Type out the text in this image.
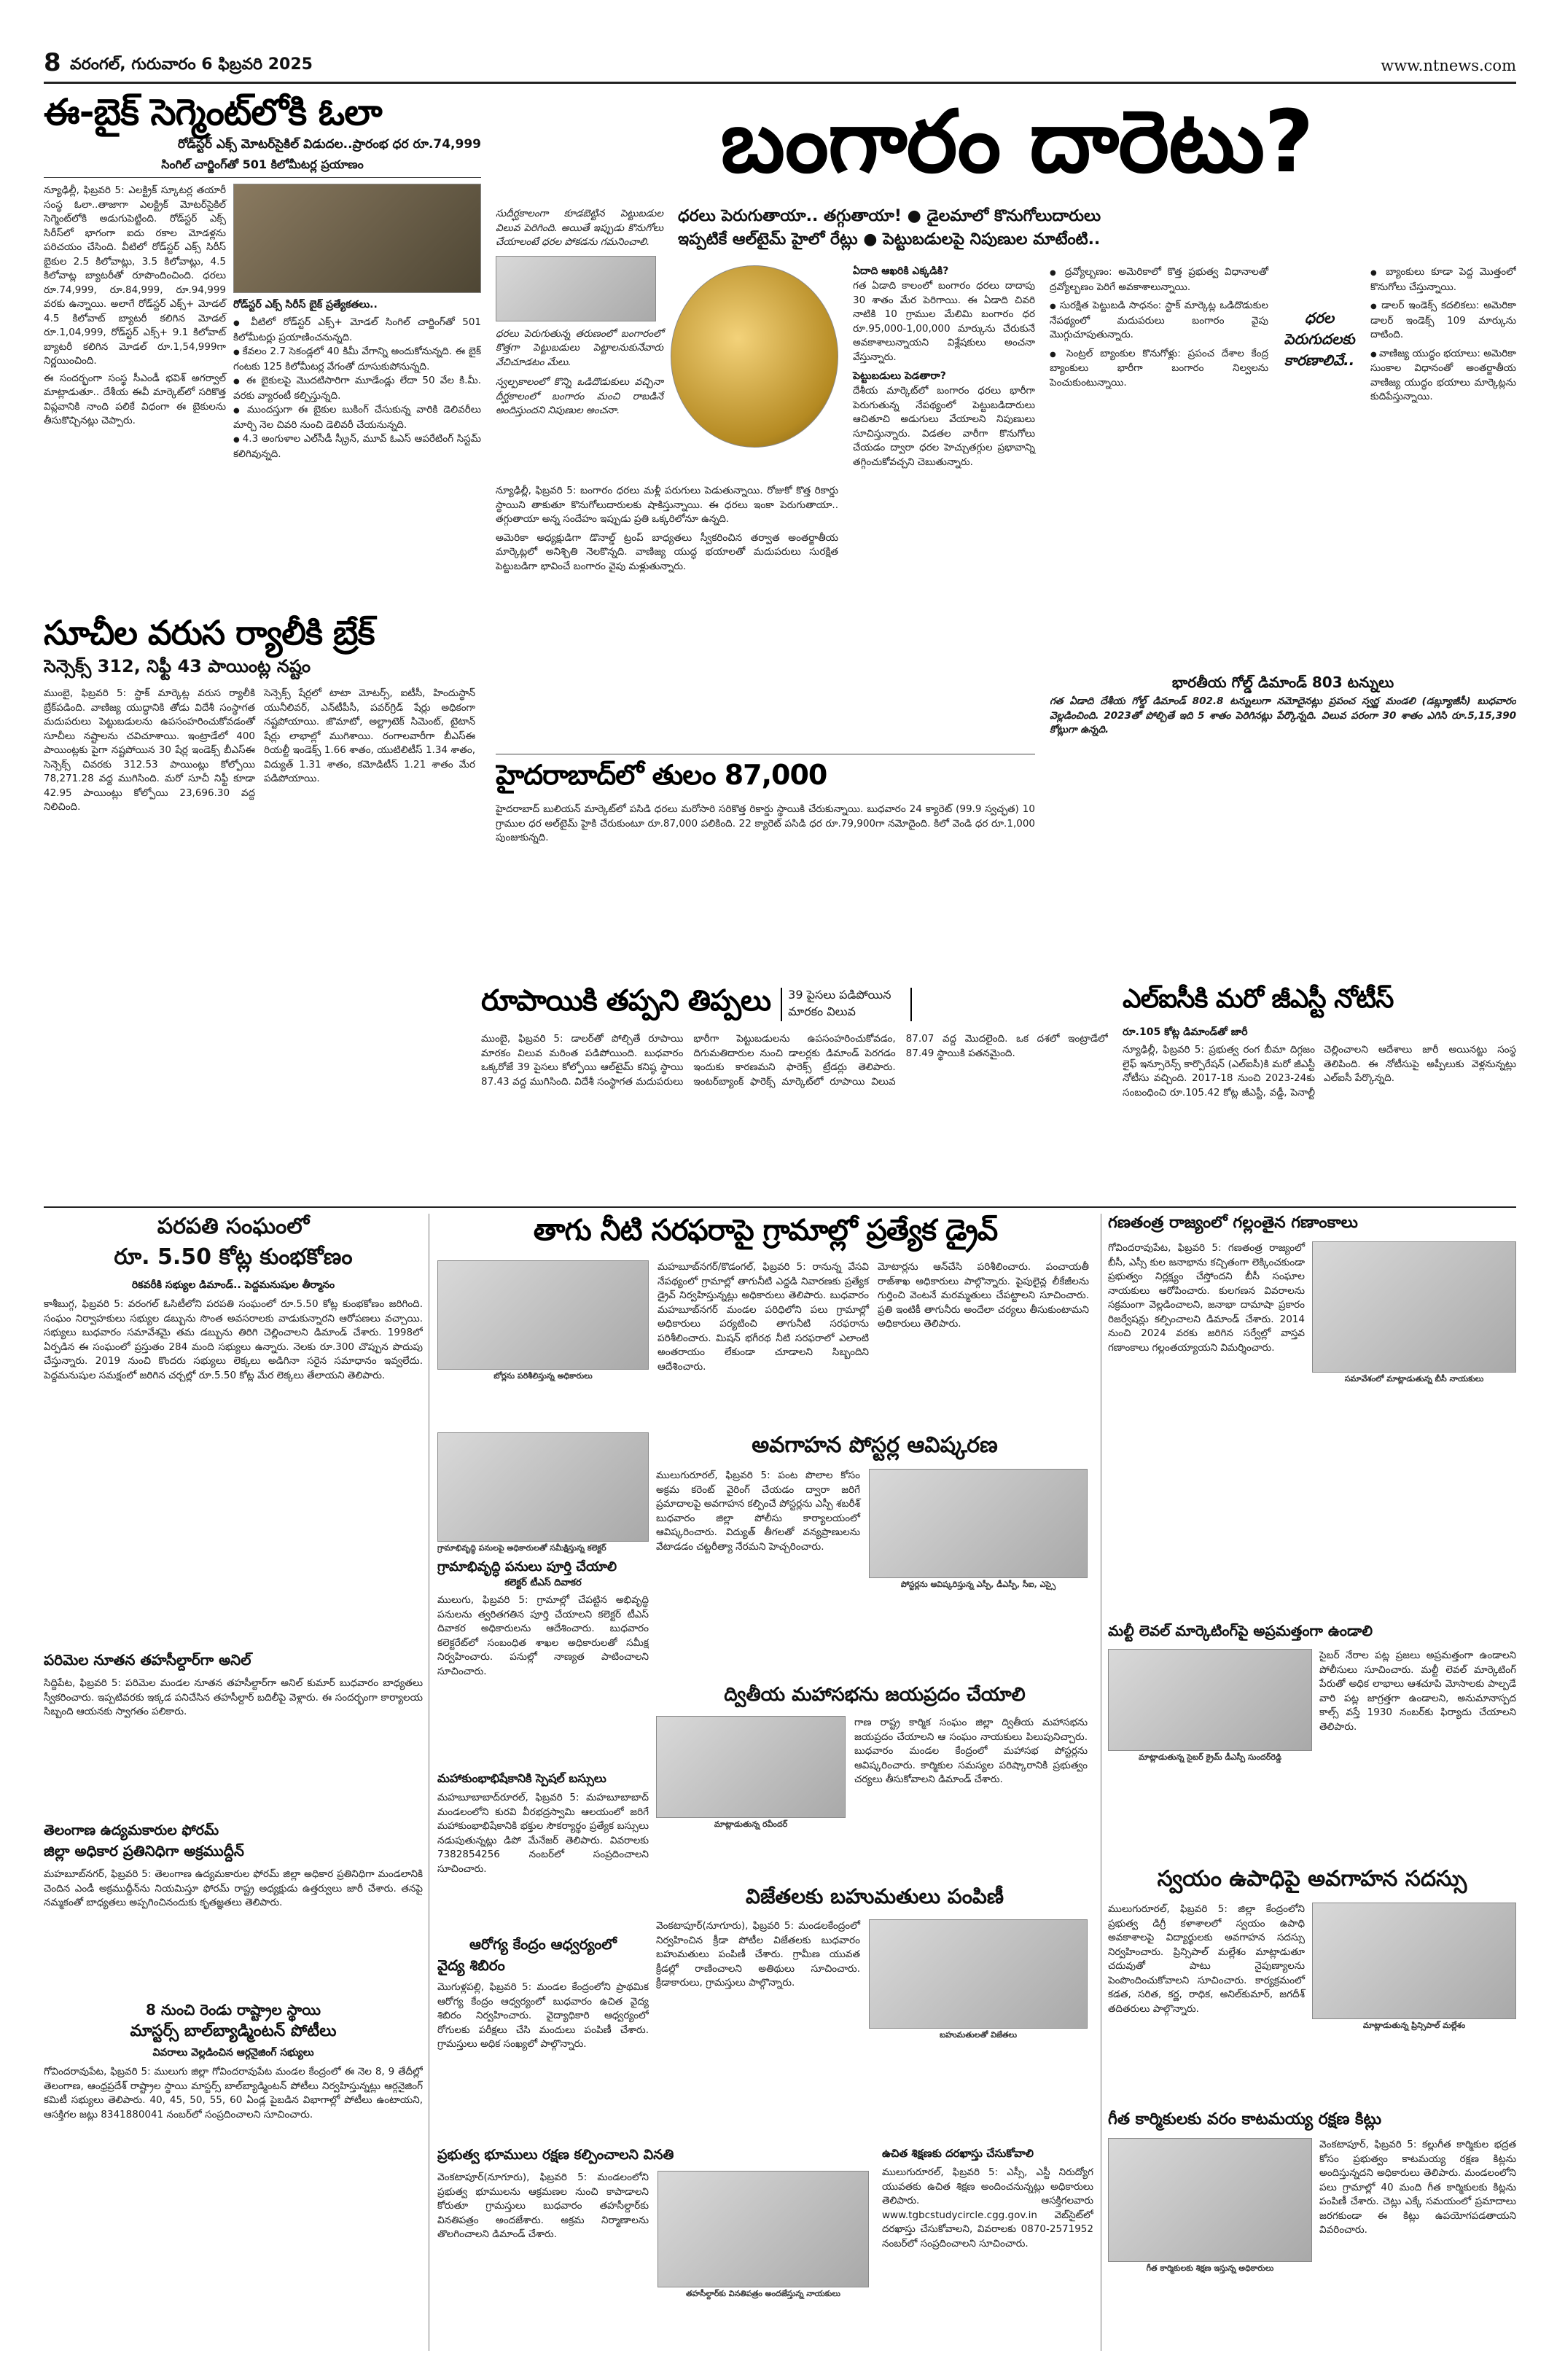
8 వరంగల్, గురువారం 6 ఫిబ్రవరి 2025	www.ntnews.com
ఈ-బైక్ సెగ్మెంట్‌లోకి ఓలా
రోడ్‌స్టర్ ఎక్స్ మోటర్‌సైకిల్ విడుదల..ప్రారంభ ధర రూ.74,999
సింగిల్ చార్జింగ్‌తో 501 కిలోమీటర్ల ప్రయాణం

న్యూఢిల్లీ, ఫిబ్రవరి 5: ఎలక్ట్రిక్ స్కూటర్ల తయారీ సంస్థ ఓలా..తాజాగా ఎలక్ట్రిక్ మోటర్‌సైకిల్ సెగ్మెంట్‌లోకి అడుగుపెట్టింది. రోడ్‌స్టర్ ఎక్స్ సిరీస్‌లో భాగంగా ఐదు రకాల మోడళ్లను పరిచయం చేసింది. వీటిలో రోడ్‌స్టర్ ఎక్స్ సిరీస్ బైకుల 2.5 కిలోవాట్లు, 3.5 కిలోవాట్లు, 4.5 కిలోవాట్ల బ్యాటరీతో రూపొందించింది. ధరలు రూ.74,999, రూ.84,999, రూ.94,999 వరకు ఉన్నాయి. అలాగే రోడ్‌స్టర్ ఎక్స్+ మోడల్ 4.5 కిలోవాట్ బ్యాటరీ కలిగిన మోడల్ రూ.1,04,999, రోడ్‌స్టర్ ఎక్స్+ 9.1 కిలోవాట్ బ్యాటరీ కలిగిన మోడల్ రూ.1,54,999గా నిర్ణయించింది.

ఈ సందర్భంగా సంస్థ సీఎండీ భవిశ్ అగర్వాల్ మాట్లాడుతూ.. దేశీయ ఈవీ మార్కెట్‌లో సరికొత్త విప్లవానికి నాంది పలికే విధంగా ఈ బైకులను తీసుకొచ్చినట్లు చెప్పారు.

రోడ్‌స్టర్ ఎక్స్ సిరీస్ బైక్ ప్రత్యేకతలు..
● వీటిలో రోడ్‌స్టర్ ఎక్స్+ మోడల్ సింగిల్ చార్జింగ్‌తో 501 కిలోమీటర్లు ప్రయాణించనున్నది.
● కేవలం 2.7 సెకండ్లలో 40 కిమీ వేగాన్ని అందుకోనున్నది. ఈ బైక్ గంటకు 125 కిలోమీటర్ల వేగంతో దూసుకుపోనున్నది.
● ఈ బైకులపై మొదటిసారిగా మూడేండ్లు లేదా 50 వేల కి.మీ. వరకు వ్యారంటీ కల్పిస్తున్నది.
● ముందస్తుగా ఈ బైకుల బుకింగ్ చేసుకున్న వారికి డెలివరీలు మార్చి నెల చివరి నుంచి డెలివరీ చేయనున్నది.
● 4.3 అంగుళాల ఎల్‌సీడీ స్క్రీన్, మూవ్ ఓఎస్ ఆపరేటింగ్ సిస్టమ్ కలిగివున్నది.
బంగారం దారెటు?
ధరలు పెరుగుతాయా.. తగ్గుతాయా! ● డైలమాలో కొనుగోలుదారులు
ఇప్పటికే ఆల్‌టైమ్ హైలో రేట్లు ● పెట్టుబడులపై నిపుణుల మాటేంటి..

సుదీర్ఘకాలంగా కూడబెట్టిన పెట్టుబడుల విలువ పెరిగింది. అయితే ఇప్పుడు కొనుగోలు చేయాలంటే ధరల పోకడను గమనించాలి.

ధరలు పెరుగుతున్న తరుణంలో బంగారంలో కొత్తగా పెట్టుబడులు పెట్టాలనుకునేవారు వేచిచూడటం మేలు.

స్వల్పకాలంలో కొన్ని ఒడిదొడుకులు వచ్చినా దీర్ఘకాలంలో బంగారం మంచి రాబడినే అందిస్తుందని నిపుణుల అంచనా.

న్యూఢిల్లీ, ఫిబ్రవరి 5: బంగారం ధరలు మళ్లీ పరుగులు పెడుతున్నాయి. రోజుకో కొత్త రికార్డు స్థాయిని తాకుతూ కొనుగోలుదారులకు షాకిస్తున్నాయి. ఈ ధరలు ఇంకా పెరుగుతాయా.. తగ్గుతాయా అన్న సందేహం ఇప్పుడు ప్రతి ఒక్కరిలోనూ ఉన్నది.

అమెరికా అధ్యక్షుడిగా డొనాల్డ్ ట్రంప్ బాధ్యతలు స్వీకరించిన తర్వాత అంతర్జాతీయ మార్కెట్లలో అనిశ్చితి నెలకొన్నది. వాణిజ్య యుద్ధ భయాలతో మదుపరులు సురక్షిత పెట్టుబడిగా భావించే బంగారం వైపు మళ్లుతున్నారు.

ఏదాది ఆఖరికి ఎక్కడికి?

గత ఏడాది కాలంలో బంగారం ధరలు దాదాపు 30 శాతం మేర పెరిగాయి. ఈ ఏడాది చివరి నాటికి 10 గ్రాముల మేలిమి బంగారం ధర రూ.95,000-1,00,000 మార్కును చేరుకునే అవకాశాలున్నాయని విశ్లేషకులు అంచనా వేస్తున్నారు.

పెట్టుబడులు పెడతారా?

దేశీయ మార్కెట్‌లో బంగారం ధరలు భారీగా పెరుగుతున్న నేపథ్యంలో పెట్టుబడిదారులు ఆచితూచి అడుగులు వేయాలని నిపుణులు సూచిస్తున్నారు. విడతల వారీగా కొనుగోలు చేయడం ద్వారా ధరల హెచ్చుతగ్గుల ప్రభావాన్ని తగ్గించుకోవచ్చని చెబుతున్నారు.

● ద్రవ్యోల్బణం: అమెరికాలో కొత్త ప్రభుత్వ విధానాలతో ద్రవ్యోల్బణం పెరిగే అవకాశాలున్నాయి.
● సురక్షిత పెట్టుబడి సాధనం: స్టాక్ మార్కెట్ల ఒడిదొడుకుల నేపథ్యంలో మదుపరులు బంగారం వైపు మొగ్గుచూపుతున్నారు.
● సెంట్రల్ బ్యాంకుల కొనుగోళ్లు: ప్రపంచ దేశాల కేంద్ర బ్యాంకులు భారీగా బంగారం నిల్వలను పెంచుకుంటున్నాయి.
ధరల పెరుగుదలకు కారణాలివే..
● బ్యాంకులు కూడా పెద్ద మొత్తంలో కొనుగోలు చేస్తున్నాయి.
● డాలర్ ఇండెక్స్ కదలికలు: అమెరికా డాలర్ ఇండెక్స్ 109 మార్కును దాటింది.
● వాణిజ్య యుద్ధం భయాలు: అమెరికా సుంకాల విధానంతో అంతర్జాతీయ వాణిజ్య యుద్ధం భయాలు మార్కెట్లను కుదిపేస్తున్నాయి.
భారతీయ గోల్డ్ డిమాండ్ 803 టన్నులు

గత ఏడాది దేశీయ గోల్డ్ డిమాండ్ 802.8 టన్నులుగా నమోదైనట్లు ప్రపంచ స్వర్ణ మండలి (డబ్ల్యూజీసీ) బుధవారం వెల్లడించింది. 2023తో పోల్చితే ఇది 5 శాతం పెరిగినట్లు పేర్కొన్నది. విలువ పరంగా 30 శాతం ఎగిసి రూ.5,15,390 కోట్లుగా ఉన్నది.

హైదరాబాద్‌లో తులం 87,000

హైదరాబాద్ బులియన్ మార్కెట్‌లో పసిడి ధరలు మరోసారి సరికొత్త రికార్డు స్థాయికి చేరుకున్నాయి. బుధవారం 24 క్యారెట్ (99.9 స్వచ్ఛత) 10 గ్రాముల ధర అల్‌టైమ్ హైకి చేరుకుంటూ రూ.87,000 పలికింది. 22 క్యారెట్ పసిడి ధర రూ.79,900గా నమోదైంది. కిలో వెండి ధర రూ.1,000 పుంజుకున్నది.

సూచీల వరుస ర్యాలీకి బ్రేక్
సెన్సెక్స్ 312, నిఫ్టీ 43 పాయింట్ల నష్టం

ముంబై, ఫిబ్రవరి 5: స్టాక్ మార్కెట్ల వరుస ర్యాలీకి బ్రేక్‌పడింది. వాణిజ్య యుద్ధానికి తోడు విదేశీ సంస్థాగత మదుపరులు పెట్టుబడులను ఉపసంహరించుకోవడంతో సూచీలు నష్టాలను చవిచూశాయి. ఇంట్రాడేలో 400 పాయింట్లకు పైగా నష్టపోయిన 30 షేర్ల ఇండెక్స్ బీఎస్‌ఈ సెన్సెక్స్ చివరకు 312.53 పాయింట్లు కోల్పోయి 78,271.28 వద్ద ముగిసింది. మరో సూచీ నిఫ్టీ కూడా 42.95 పాయింట్లు కోల్పోయి 23,696.30 వద్ద నిలిచింది.

సెన్సెక్స్ షేర్లలో టాటా మోటర్స్, ఐటీసీ, హిందుస్థాన్ యునీలివర్, ఎన్‌టీపీసీ, పవర్‌గ్రిడ్ షేర్లు అధికంగా నష్టపోయాయి. జొమాటో, అల్ట్రాటెక్ సిమెంట్, టైటాన్ షేర్లు లాభాల్లో ముగిశాయి. రంగాలవారీగా బీఎస్‌ఈ రియల్టీ ఇండెక్స్ 1.66 శాతం, యుటిలిటీస్ 1.34 శాతం, విద్యుత్ 1.31 శాతం, కమోడిటీస్ 1.21 శాతం మేర పడిపోయాయి.

రూపాయికి తప్పని తిప్పలు	39 పైసలు పడిపోయిన మారకం విలువ

ముంబై, ఫిబ్రవరి 5: డాలర్‌తో పోల్చితే రూపాయి మారకం విలువ మరింత పడిపోయింది. బుధవారం ఒక్కరోజే 39 పైసలు కోల్పోయి ఆల్‌టైమ్ కనిష్ఠ స్థాయి 87.43 వద్ద ముగిసింది. విదేశీ సంస్థాగత మదుపరులు భారీగా పెట్టుబడులను ఉపసంహరించుకోవడం, దిగుమతిదారుల నుంచి డాలర్లకు డిమాండ్ పెరగడం ఇందుకు కారణమని ఫారెక్స్ ట్రేడర్లు తెలిపారు. ఇంటర్‌బ్యాంక్ ఫారెక్స్ మార్కెట్‌లో రూపాయి విలువ 87.07 వద్ద మొదలైంది. ఒక దశలో ఇంట్రాడేలో 87.49 స్థాయికి పతనమైంది.

ఎల్‌ఐసీకి మరో జీఎస్టీ నోటీస్
రూ.105 కోట్ల డిమాండ్‌తో జారీ

న్యూఢిల్లీ, ఫిబ్రవరి 5: ప్రభుత్వ రంగ బీమా దిగ్గజం లైఫ్ ఇన్సూరెన్స్ కార్పొరేషన్ (ఎల్‌ఐసీ)కి మరో జీఎస్టీ నోటీసు వచ్చింది. 2017-18 నుంచి 2023-24కు సంబంధించి రూ.105.42 కోట్ల జీఎస్టీ, వడ్డీ, పెనాల్టీ చెల్లించాలని ఆదేశాలు జారీ అయినట్టు సంస్థ తెలిపింది. ఈ నోటీసుపై అప్పీలుకు వెళ్లనున్నట్లు ఎల్‌ఐసీ పేర్కొన్నది.

పరపతి సంఘంలో
రూ. 5.50 కోట్ల కుంభకోణం
రికవరీకి సభ్యుల డిమాండ్.. పెద్దమనుషుల తీర్మానం

కాశీబుగ్గ, ఫిబ్రవరి 5: వరంగల్ ఓసిటీలోని పరపతి సంఘంలో రూ.5.50 కోట్ల కుంభకోణం జరిగింది. సంఘం నిర్వాహకులు సభ్యుల డబ్బును సొంత అవసరాలకు వాడుకున్నారని ఆరోపణలు వచ్చాయి. సభ్యులు బుధవారం సమావేశమై తమ డబ్బును తిరిగి చెల్లించాలని డిమాండ్ చేశారు. 1998లో ఏర్పడిన ఈ సంఘంలో ప్రస్తుతం 284 మంది సభ్యులు ఉన్నారు. నెలకు రూ.300 చొప్పున పొదుపు చేస్తున్నారు. 2019 నుంచి కొందరు సభ్యులు లెక్కలు అడిగినా సరైన సమాధానం ఇవ్వలేదు. పెద్దమనుషుల సమక్షంలో జరిగిన చర్చల్లో రూ.5.50 కోట్ల మేర లెక్కలు తేలాయని తెలిపారు.

పరిమెల నూతన తహసీల్దార్‌గా అనిల్

సిద్దిపేట, ఫిబ్రవరి 5: పరిమెల మండల నూతన తహసీల్దార్‌గా అనిల్ కుమార్ బుధవారం బాధ్యతలు స్వీకరించారు. ఇప్పటివరకు ఇక్కడ పనిచేసిన తహసీల్దార్ బదిలీపై వెళ్లారు. ఈ సందర్భంగా కార్యాలయ సిబ్బంది ఆయనకు స్వాగతం పలికారు.

తెలంగాణ ఉద్యమకారుల ఫోరమ్
జిల్లా అధికార ప్రతినిధిగా అక్రముద్దీన్

మహబూబ్‌నగర్, ఫిబ్రవరి 5: తెలంగాణ ఉద్యమకారుల ఫోరమ్ జిల్లా అధికార ప్రతినిధిగా మండలానికి చెందిన ఎండీ అక్రముద్దీన్‌ను నియమిస్తూ ఫోరమ్ రాష్ట్ర అధ్యక్షుడు ఉత్తర్వులు జారీ చేశారు. తనపై నమ్మకంతో బాధ్యతలు అప్పగించినందుకు కృతజ్ఞతలు తెలిపారు.

8 నుంచి రెండు రాష్ట్రాల స్థాయి
మాస్టర్స్ బాల్‌బ్యాడ్మింటన్ పోటీలు
వివరాలు వెల్లడించిన ఆర్గనైజింగ్ సభ్యులు

గోవిందరావుపేట, ఫిబ్రవరి 5: ములుగు జిల్లా గోవిందరావుపేట మండల కేంద్రంలో ఈ నెల 8, 9 తేదీల్లో తెలంగాణ, ఆంధ్రప్రదేశ్ రాష్ట్రాల స్థాయి మాస్టర్స్ బాల్‌బ్యాడ్మింటన్ పోటీలు నిర్వహిస్తున్నట్లు ఆర్గనైజింగ్ కమిటీ సభ్యులు తెలిపారు. 40, 45, 50, 55, 60 ఏండ్ల పైబడిన విభాగాల్లో పోటీలు ఉంటాయని, ఆసక్తిగల జట్లు 8341880041 నంబర్‌లో సంప్రదించాలని సూచించారు.

తాగు నీటి సరఫరాపై గ్రామాల్లో ప్రత్యేక డ్రైవ్
బోర్లను పరిశీలిస్తున్న అధికారులు

మహబూబ్‌నగర్/కొడంగల్, ఫిబ్రవరి 5: రానున్న వేసవి నేపథ్యంలో గ్రామాల్లో తాగునీటి ఎద్దడి నివారణకు ప్రత్యేక డ్రైవ్ నిర్వహిస్తున్నట్లు అధికారులు తెలిపారు. బుధవారం మహబూబ్‌నగర్ మండల పరిధిలోని పలు గ్రామాల్లో అధికారులు పర్యటించి తాగునీటి సరఫరాను పరిశీలించారు. మిషన్ భగీరథ నీటి సరఫరాలో ఎలాంటి అంతరాయం లేకుండా చూడాలని సిబ్బందిని ఆదేశించారు.

మోటార్లను ఆన్‌చేసి పరిశీలించారు. పంచాయతీ రాజ్‌శాఖ అధికారులు పాల్గొన్నారు. పైపులైన్ల లీకేజీలను గుర్తించి వెంటనే మరమ్మతులు చేపట్టాలని సూచించారు. ప్రతి ఇంటికీ తాగునీరు అందేలా చర్యలు తీసుకుంటామని అధికారులు తెలిపారు.

అవగాహన పోస్టర్ల ఆవిష్కరణ

ములుగురూరల్, ఫిబ్రవరి 5: పంట పొలాల కోసం అక్రమ కరెంట్ వైరింగ్ చేయడం ద్వారా జరిగే ప్రమాదాలపై అవగాహన కల్పించే పోస్టర్లను ఎస్పీ శబరీశ్ బుధవారం జిల్లా పోలీసు కార్యాలయంలో ఆవిష్కరించారు. విద్యుత్ తీగలతో వన్యప్రాణులను వేటాడడం చట్టరీత్యా నేరమని హెచ్చరించారు.

పోస్టర్లను ఆవిష్కరిస్తున్న ఎస్పీ, డీఎస్పీ, సీఐ, ఎస్సై
గ్రామాభివృద్ధి పనులపై అధికారులతో సమీక్షిస్తున్న కలెక్టర్
గ్రామాభివృద్ధి పనులు పూర్తి చేయాలి
కలెక్టర్ టీఎస్ దివాకర

ములుగు, ఫిబ్రవరి 5: గ్రామాల్లో చేపట్టిన అభివృద్ధి పనులను త్వరితగతిన పూర్తి చేయాలని కలెక్టర్ టీఎస్ దివాకర అధికారులను ఆదేశించారు. బుధవారం కలెక్టరేట్‌లో సంబంధిత శాఖల అధికారులతో సమీక్ష నిర్వహించారు. పనుల్లో నాణ్యత పాటించాలని సూచించారు.

ద్వితీయ మహాసభను జయప్రదం చేయాలి
మాట్లాడుతున్న రవీందర్

గాణ రాష్ట్ర కార్మిక సంఘం జిల్లా ద్వితీయ మహాసభను జయప్రదం చేయాలని ఆ సంఘం నాయకులు పిలుపునిచ్చారు. బుధవారం మండల కేంద్రంలో మహాసభ పోస్టర్లను ఆవిష్కరించారు. కార్మికుల సమస్యల పరిష్కారానికి ప్రభుత్వం చర్యలు తీసుకోవాలని డిమాండ్ చేశారు.

మహాకుంభాభిషేకానికి స్పెషల్ బస్సులు

మహబూబాబాద్‌రూరల్, ఫిబ్రవరి 5: మహబూబాబాద్ మండలంలోని కురవి వీరభద్రస్వామి ఆలయంలో జరిగే మహాకుంభాభిషేకానికి భక్తుల సౌకర్యార్థం ప్రత్యేక బస్సులు నడుపుతున్నట్లు డిపో మేనేజర్ తెలిపారు. వివరాలకు 7382854256 నంబర్‌లో సంప్రదించాలని సూచించారు.

ఆరోగ్య కేంద్రం ఆధ్వర్యంలో
వైద్య శిబిరం

మొగుళ్లపల్లి, ఫిబ్రవరి 5: మండల కేంద్రంలోని ప్రాథమిక ఆరోగ్య కేంద్రం ఆధ్వర్యంలో బుధవారం ఉచిత వైద్య శిబిరం నిర్వహించారు. వైద్యాధికారి ఆధ్వర్యంలో రోగులకు పరీక్షలు చేసి మందులు పంపిణీ చేశారు. గ్రామస్తులు అధిక సంఖ్యలో పాల్గొన్నారు.

విజేతలకు బహుమతులు పంపిణీ

వెంకటాపూర్(నూగూరు), ఫిబ్రవరి 5: మండలకేంద్రంలో నిర్వహించిన క్రీడా పోటీల విజేతలకు బుధవారం బహుమతులు పంపిణీ చేశారు. గ్రామీణ యువత క్రీడల్లో రాణించాలని అతిథులు సూచించారు. క్రీడాకారులు, గ్రామస్తులు పాల్గొన్నారు.

బహుమతులతో విజేతలు
ప్రభుత్వ భూములు రక్షణ కల్పించాలని వినతి

వెంకటాపూర్(నూగూరు), ఫిబ్రవరి 5: మండలంలోని ప్రభుత్వ భూములను ఆక్రమణల నుంచి కాపాడాలని కోరుతూ గ్రామస్తులు బుధవారం తహసీల్దార్‌కు వినతిపత్రం అందజేశారు. అక్రమ నిర్మాణాలను తొలగించాలని డిమాండ్ చేశారు.

తహసీల్దార్‌కు వినతిపత్రం అందజేస్తున్న నాయకులు
ఉచిత శిక్షణకు దరఖాస్తు చేసుకోవాలి

ములుగురూరల్, ఫిబ్రవరి 5: ఎస్సీ, ఎస్టీ నిరుద్యోగ యువతకు ఉచిత శిక్షణ అందించనున్నట్లు అధికారులు తెలిపారు. ఆసక్తిగలవారు www.tgbcstudycircle.cgg.gov.in వెబ్‌సైట్‌లో దరఖాస్తు చేసుకోవాలని, వివరాలకు 0870-2571952 నంబర్‌లో సంప్రదించాలని సూచించారు.

గణతంత్ర రాజ్యంలో గల్లంతైన గణాంకాలు

గోవిందరావుపేట, ఫిబ్రవరి 5: గణతంత్ర రాజ్యంలో బీసీ, ఎస్సీ కుల జనాభాను కచ్చితంగా లెక్కించకుండా ప్రభుత్వం నిర్లక్ష్యం చేస్తోందని బీసీ సంఘాల నాయకులు ఆరోపించారు. కులగణన వివరాలను సక్రమంగా వెల్లడించాలని, జనాభా దామాషా ప్రకారం రిజర్వేషన్లు కల్పించాలని డిమాండ్ చేశారు. 2014 నుంచి 2024 వరకు జరిగిన సర్వేల్లో వాస్తవ గణాంకాలు గల్లంతయ్యాయని విమర్శించారు.

సమావేశంలో మాట్లాడుతున్న బీసీ నాయకులు
మల్టీ లెవల్ మార్కెటింగ్‌పై అప్రమత్తంగా ఉండాలి
మాట్లాడుతున్న సైబర్ క్రైమ్ డీఎస్పీ సుందర్‌రెడ్డి

సైబర్ నేరాల పట్ల ప్రజలు అప్రమత్తంగా ఉండాలని పోలీసులు సూచించారు. మల్టీ లెవల్ మార్కెటింగ్ పేరుతో అధిక లాభాలు ఆశచూపి మోసాలకు పాల్పడే వారి పట్ల జాగ్రత్తగా ఉండాలని, అనుమానాస్పద కాల్స్ వస్తే 1930 నంబర్‌కు ఫిర్యాదు చేయాలని తెలిపారు.

స్వయం ఉపాధిపై అవగాహన సదస్సు

ములుగురూరల్, ఫిబ్రవరి 5: జిల్లా కేంద్రంలోని ప్రభుత్వ డిగ్రీ కళాశాలలో స్వయం ఉపాధి అవకాశాలపై విద్యార్థులకు అవగాహన సదస్సు నిర్వహించారు. ప్రిన్సిపాల్ మల్లేశం మాట్లాడుతూ చదువుతో పాటు నైపుణ్యాలను పెంపొందించుకోవాలని సూచించారు. కార్యక్రమంలో కడత, సరిత, కర్ణ, రాధిక, అనిల్‌కుమార్, జగదీశ్ తదితరులు పాల్గొన్నారు.

మాట్లాడుతున్న ప్రిన్సిపాల్ మల్లేశం
గీత కార్మికులకు వరం కాటమయ్య రక్షణ కిట్లు
గీత కార్మికులకు శిక్షణ ఇస్తున్న అధికారులు

వెంకటాపూర్, ఫిబ్రవరి 5: కల్లుగీత కార్మికుల భద్రత కోసం ప్రభుత్వం కాటమయ్య రక్షణ కిట్లను అందిస్తున్నదని అధికారులు తెలిపారు. మండలంలోని పలు గ్రామాల్లో 40 మంది గీత కార్మికులకు కిట్లను పంపిణీ చేశారు. చెట్లు ఎక్కే సమయంలో ప్రమాదాలు జరగకుండా ఈ కిట్లు ఉపయోగపడతాయని వివరించారు.
